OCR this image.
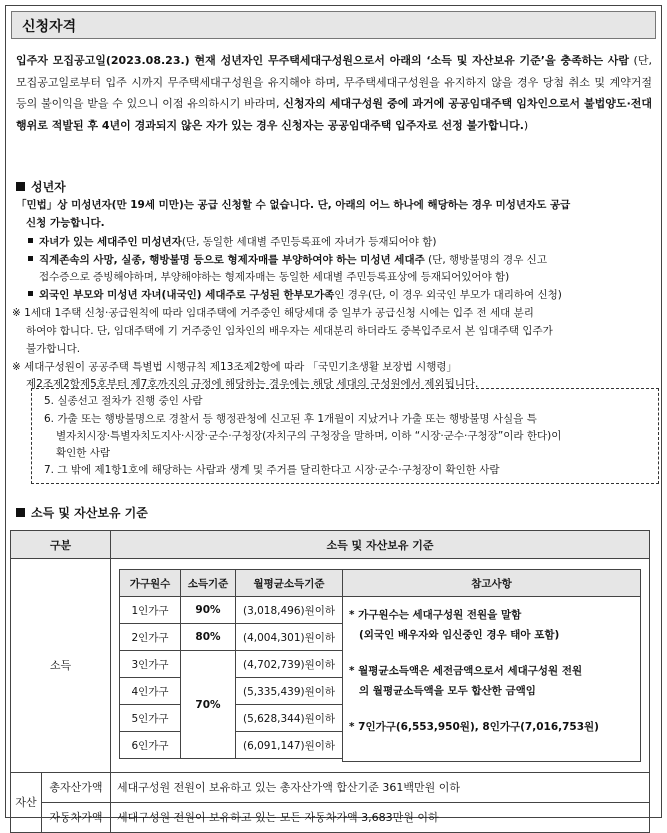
신청자격
입주자 모집공고일(2023.08.23.) 현재 성년자인 무주택세대구성원으로서 아래의 ‘소득 및 자산보유 기준’을 충족하는 사람 (단, 모집공고일로부터 입주 시까지 무주택세대구성원을 유지해야 하며, 무주택세대구성원을 유지하지 않을 경우 당첨 취소 및 계약거절 등의 불이익을 받을 수 있으니 이점 유의하시기 바라며, 신청자의 세대구성원 중에 과거에 공공임대주택 임차인으로서 불법양도·전대 행위로 적발된 후 4년이 경과되지 않은 자가 있는 경우 신청자는 공공임대주택 입주자로 선정 불가합니다.)
성년자
「민법」상 미성년자(만 19세 미만)는 공급 신청할 수 없습니다. 단, 아래의 어느 하나에 해당하는 경우 미성년자도 공급
신청 가능합니다.
자녀가 있는 세대주인 미성년자(단, 동일한 세대별 주민등록표에 자녀가 등재되어야 함)
직계존속의 사망, 실종, 행방불명 등으로 형제자매를 부양하여야 하는 미성년 세대주 (단, 행방불명의 경우 신고
접수증으로 증빙해야하며, 부양해야하는 형제자매는 동일한 세대별 주민등록표상에 등재되어있어야 함)
외국인 부모와 미성년 자녀(내국인) 세대주로 구성된 한부모가족인 경우(단, 이 경우 외국인 부모가 대리하여 신청)
※ 1세대 1주택 신청·공급원칙에 따라 임대주택에 거주중인 해당세대 중 일부가 공급신청 시에는 입주 전 세대 분리
하여야 합니다. 단, 임대주택에 기 거주중인 임차인의 배우자는 세대분리 하더라도 중복입주로서 본 임대주택 입주가
불가합니다.
※ 세대구성원이 공공주택 특별법 시행규칙 제13조제2항에 따라 「국민기초생활 보장법 시행령」
제2조제2항제5호부터 제7호까지의 규정에 해당하는 경우에는 해당 세대의 구성원에서 제외됩니다.
5. 실종선고 절차가 진행 중인 사람
6. 가출 또는 행방불명으로 경찰서 등 행정관청에 신고된 후 1개월이 지났거나 가출 또는 행방불명 사실을 특
별자치시장·특별자치도지사·시장·군수·구청장(자치구의 구청장을 말하며, 이하 “시장·군수·구청장”이라 한다)이
확인한 사람
7. 그 밖에 제1항1호에 해당하는 사람과 생계 및 주거를 달리한다고 시장·군수·구청장이 확인한 사람
소득 및 자산보유 기준
구분	소득 및 자산보유 기준
소득	
가구원수	소득기준	월평균소득기준	참고사항
1인가구	90%	(3,018,496)원이하	* 가구원수는 세대구성원 전원을 말함
(외국인 배우자와 임신중인 경우 태아 포함)
* 월평균소득액은 세전금액으로서 세대구성원 전원
의 월평균소득액을 모두 합산한 금액임
* 7인가구(6,553,950원), 8인가구(7,016,753원)

2인가구	80%	(4,004,301)원이하
3인가구	70%	(4,702,739)원이하
4인가구	(5,335,439)원이하
5인가구	(5,628,344)원이하
6인가구	(6,091,147)원이하

자산	총자산가액	세대구성원 전원이 보유하고 있는 총자산가액 합산기준 361백만원 이하
자동차가액	세대구성원 전원이 보유하고 있는 모든 자동차가액 3,683만원 이하
